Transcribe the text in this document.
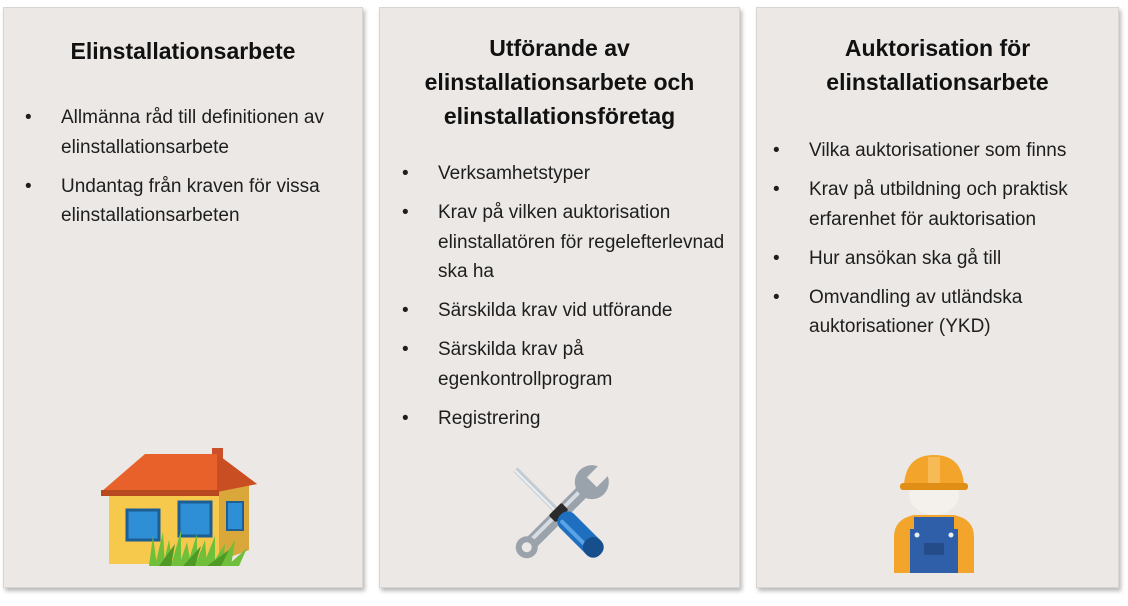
Elinstallationsarbete
• Allmänna råd till definitionen av elinstallationsarbete
• Undantag från kraven för vissa elinstallationsarbeten
Utförande av elinstallationsarbete och elinstallationsföretag
• Verksamhetstyper
• Krav på vilken auktorisation elinstallatören för regelefterlevnad ska ha
• Särskilda krav vid utförande
• Särskilda krav på egenkontrollprogram
• Registrering
Auktorisation för elinstallationsarbete
• Vilka auktorisationer som finns
• Krav på utbildning och praktisk erfarenhet för auktorisation
• Hur ansökan ska gå till
• Omvandling av utländska auktorisationer (YKD)
